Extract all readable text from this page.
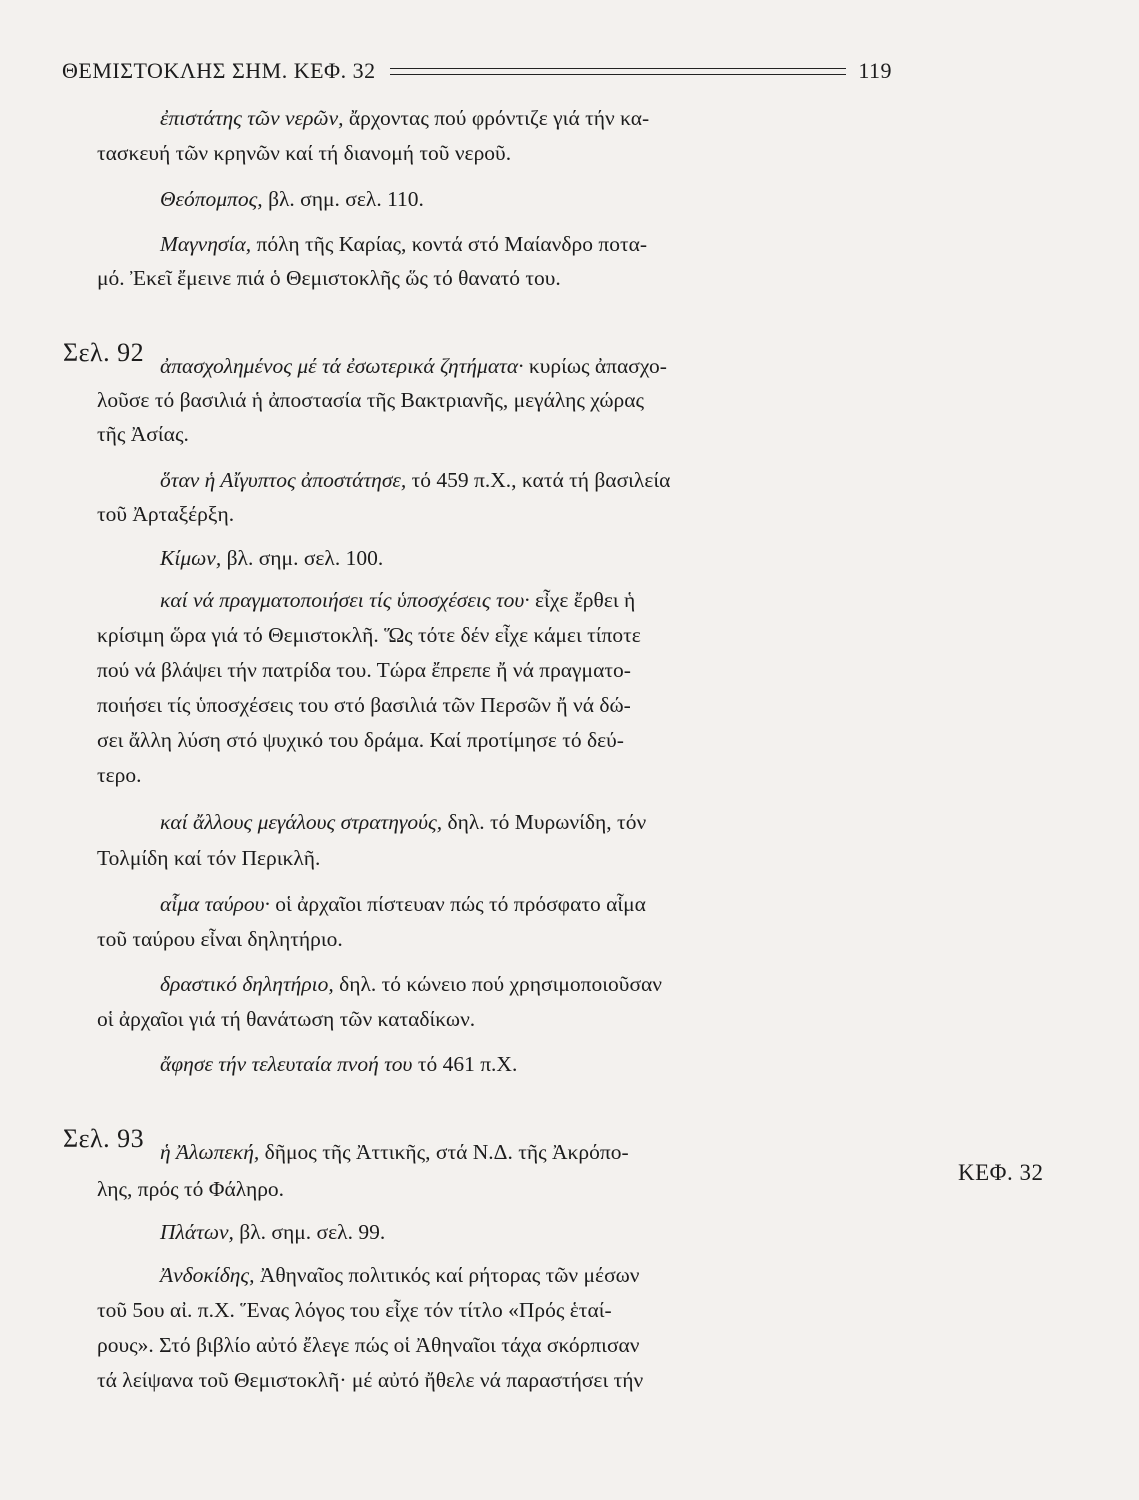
ΘΕΜΙΣΤΟΚΛΗΣ ΣΗΜ. ΚΕΦ. 32	119
Σελ. 92
Σελ. 93
ΚΕΦ. 32
ἐπιστάτης τῶν νερῶν, ἄρχοντας πού φρόντιζε γιά τήν κα-
τασκευή τῶν κρηνῶν καί τή διανομή τοῦ νεροῦ.
Θεόπομπος, βλ. σημ. σελ. 110.
Μαγνησία, πόλη τῆς Καρίας, κοντά στό Μαίανδρο ποτα-
μό. Ἐκεῖ ἔμεινε πιά ὁ Θεμιστοκλῆς ὥς τό θανατό του.
ἀπασχολημένος μέ τά ἐσωτερικά ζητήματα· κυρίως ἀπασχο-
λοῦσε τό βασιλιά ἡ ἀποστασία τῆς Βακτριανῆς, μεγάλης χώρας
τῆς Ἀσίας.
ὅταν ἡ Αἴγυπτος ἀποστάτησε, τό 459 π.Χ., κατά τή βασιλεία
τοῦ Ἀρταξέρξη.
Κίμων, βλ. σημ. σελ. 100.
καί νά πραγματοποιήσει τίς ὑποσχέσεις του· εἶχε ἔρθει ἡ
κρίσιμη ὥρα γιά τό Θεμιστοκλῆ. Ὥς τότε δέν εἶχε κάμει τίποτε
πού νά βλάψει τήν πατρίδα του. Τώρα ἔπρεπε ἤ νά πραγματο-
ποιήσει τίς ὑποσχέσεις του στό βασιλιά τῶν Περσῶν ἤ νά δώ-
σει ἄλλη λύση στό ψυχικό του δράμα. Καί προτίμησε τό δεύ-
τερο.
καί ἄλλους μεγάλους στρατηγούς, δηλ. τό Μυρωνίδη, τόν
Τολμίδη καί τόν Περικλῆ.
αἷμα ταύρου· οἱ ἀρχαῖοι πίστευαν πώς τό πρόσφατο αἷμα
τοῦ ταύρου εἶναι δηλητήριο.
δραστικό δηλητήριο, δηλ. τό κώνειο πού χρησιμοποιοῦσαν
οἱ ἀρχαῖοι γιά τή θανάτωση τῶν καταδίκων.
ἄφησε τήν τελευταία πνοή του τό 461 π.Χ.
ἡ Ἀλωπεκή, δῆμος τῆς Ἀττικῆς, στά Ν.Δ. τῆς Ἀκρόπο-
λης, πρός τό Φάληρο.
Πλάτων, βλ. σημ. σελ. 99.
Ἀνδοκίδης, Ἀθηναῖος πολιτικός καί ρήτορας τῶν μέσων
τοῦ 5ου αἰ. π.Χ. Ἕνας λόγος του εἶχε τόν τίτλο «Πρός ἑταί-
ρους». Στό βιβλίο αὐτό ἔλεγε πώς οἱ Ἀθηναῖοι τάχα σκόρπισαν
τά λείψανα τοῦ Θεμιστοκλῆ· μέ αὐτό ἤθελε νά παραστήσει τήν
